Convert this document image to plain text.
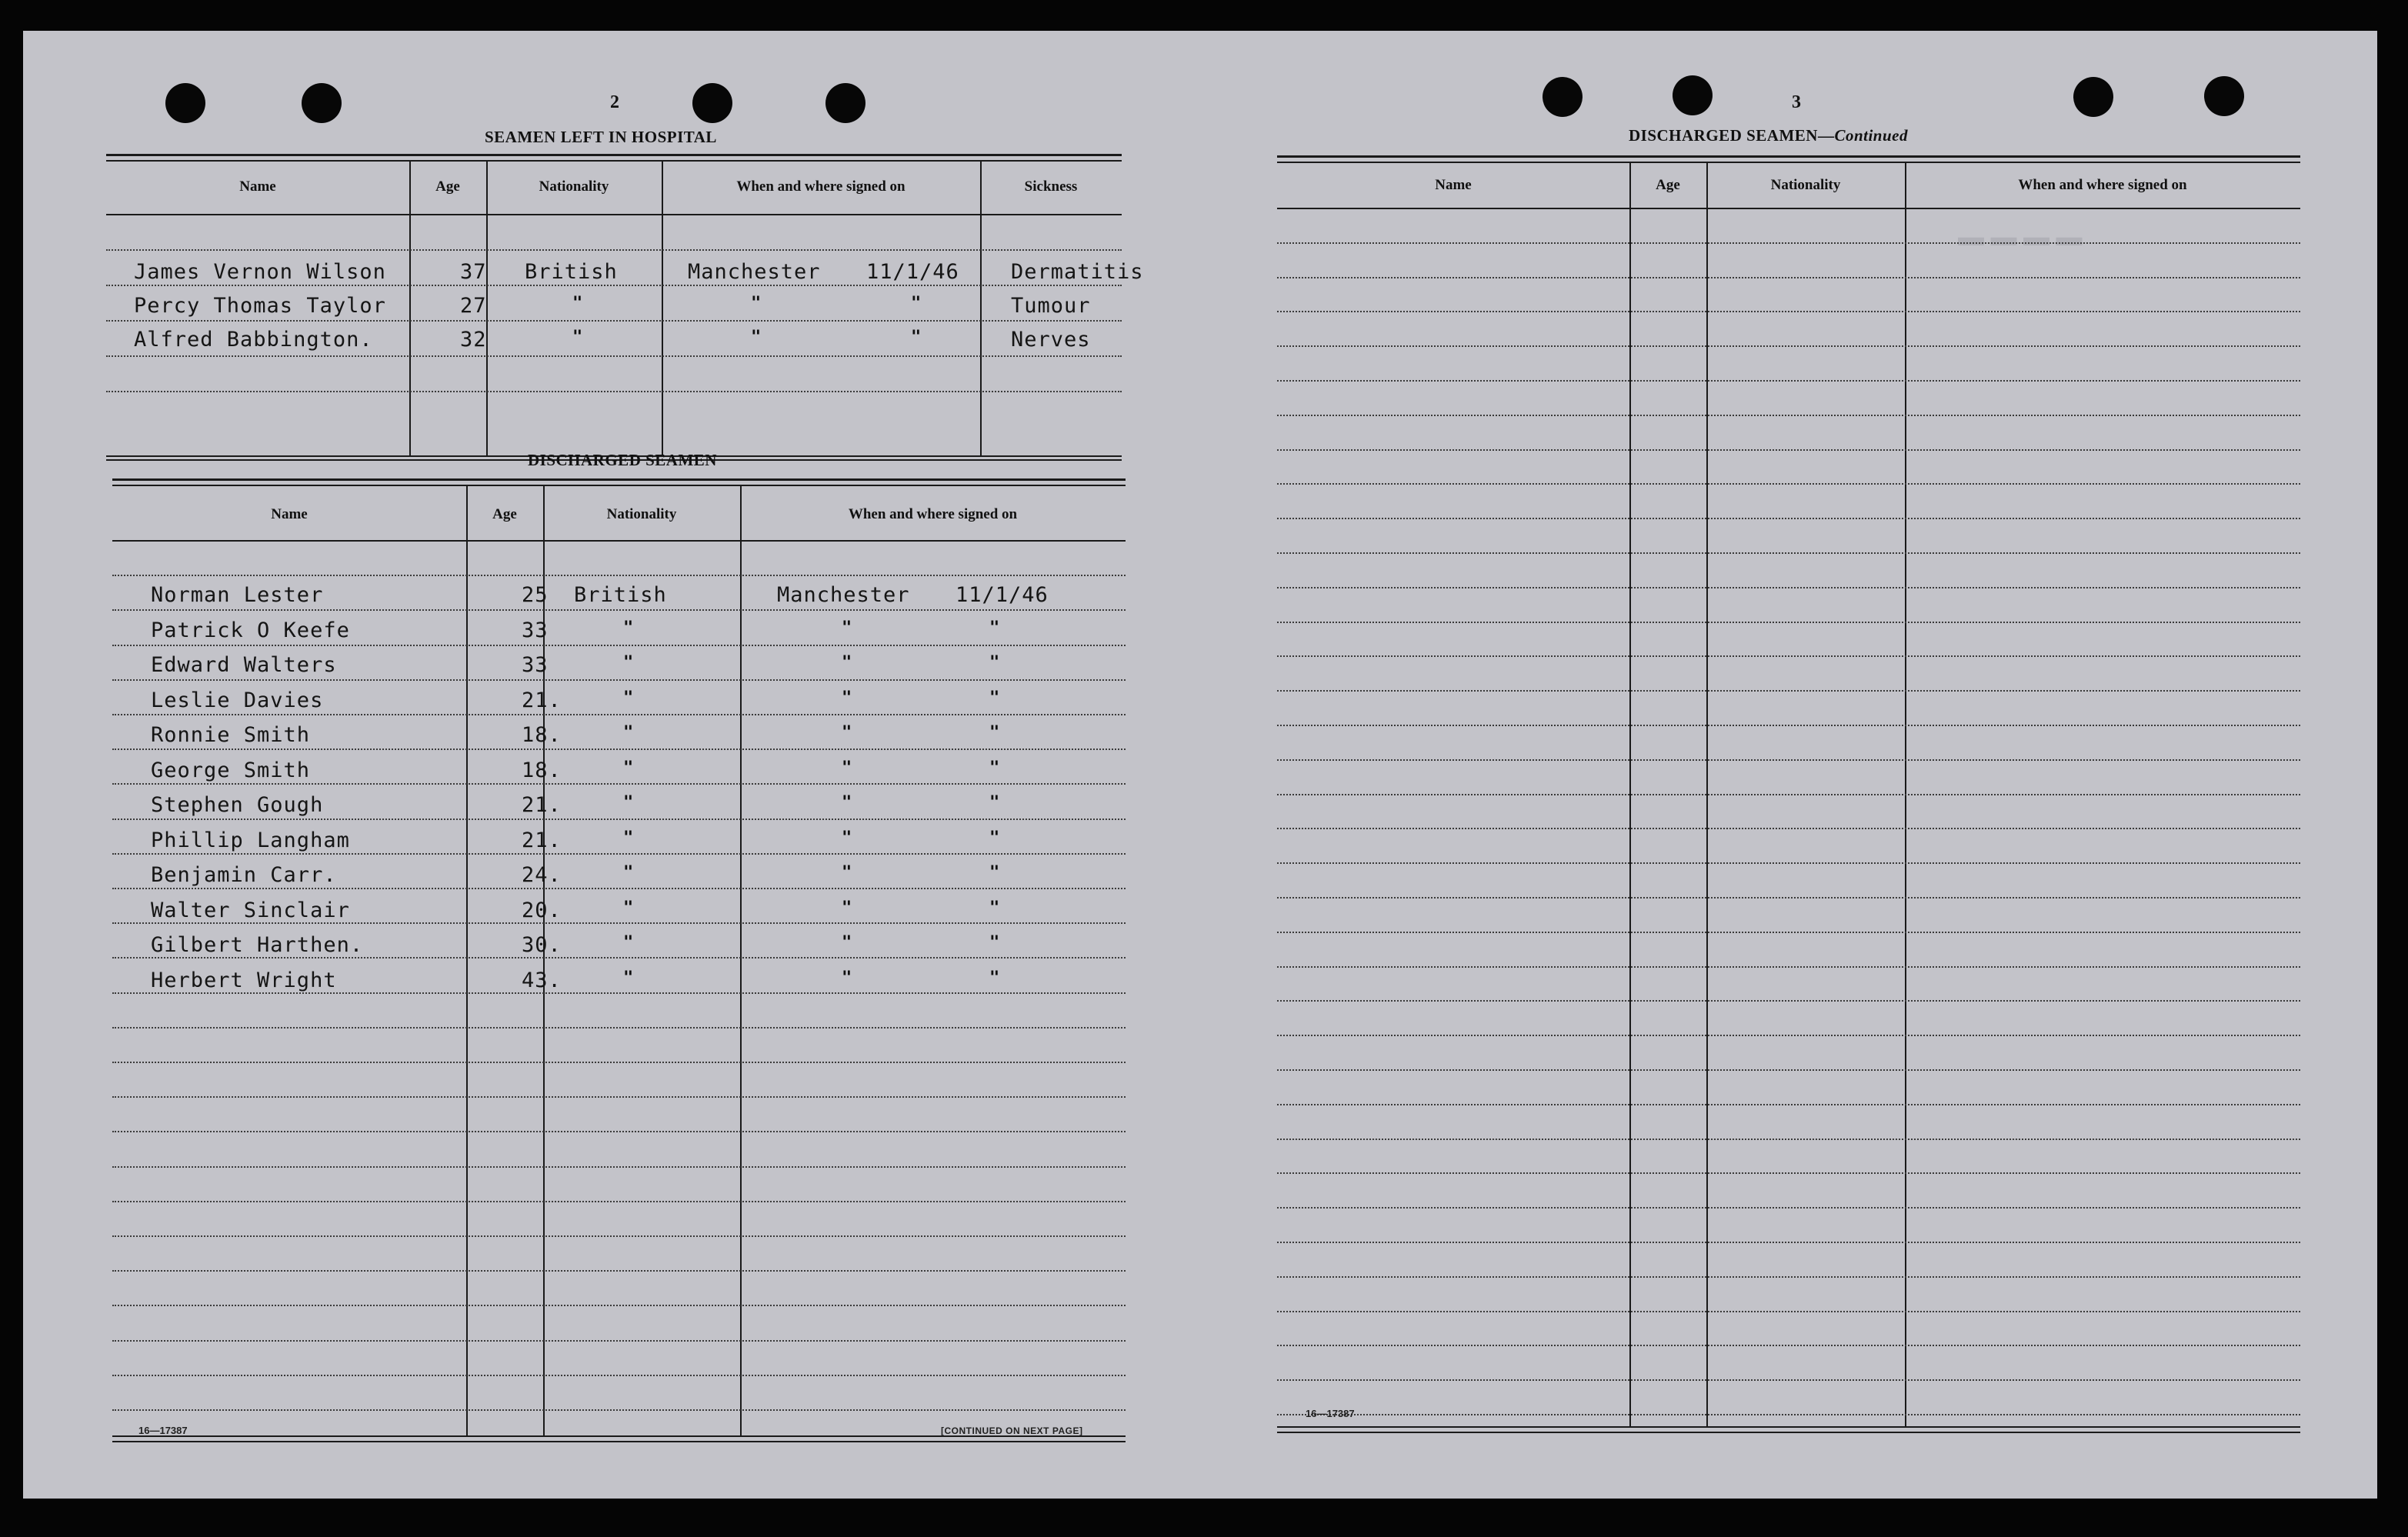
2
SEAMEN LEFT IN HOSPITAL
Name	Age	Nationality	When and where signed on	Sickness
James Vernon Wilson	37 British	Manchester 11/1/46 Dermatitis
Percy Thomas Taylor	27	"	"	"	Tumour
Alfred Babbington.	32	"	"	"	Nerves
DISCHARGED SEAMEN
Name	Age	Nationality	When and where signed on
Norman Lester	25 British	Manchester 11/1/46
Patrick O Keefe	33	"	"	"
Edward Walters	33	"	"	"
Leslie Davies	21.	"	"	"
Ronnie Smith	18.	"	"	"
George Smith	18.	"	"	"
Stephen Gough	21.	"	"	"
Phillip Langham	21.	"	"	"
Benjamin Carr.	24.	"	"	"
Walter Sinclair	20.	"	"	"
Gilbert Harthen.	30.	"	"	"
Herbert Wright	43.	"	"	"
16—17387	[CONTINUED ON NEXT PAGE]
▬ ▬ ▬ ▬
3
DISCHARGED SEAMEN—Continued
Name	Age	Nationality	When and where signed on
16—17387
